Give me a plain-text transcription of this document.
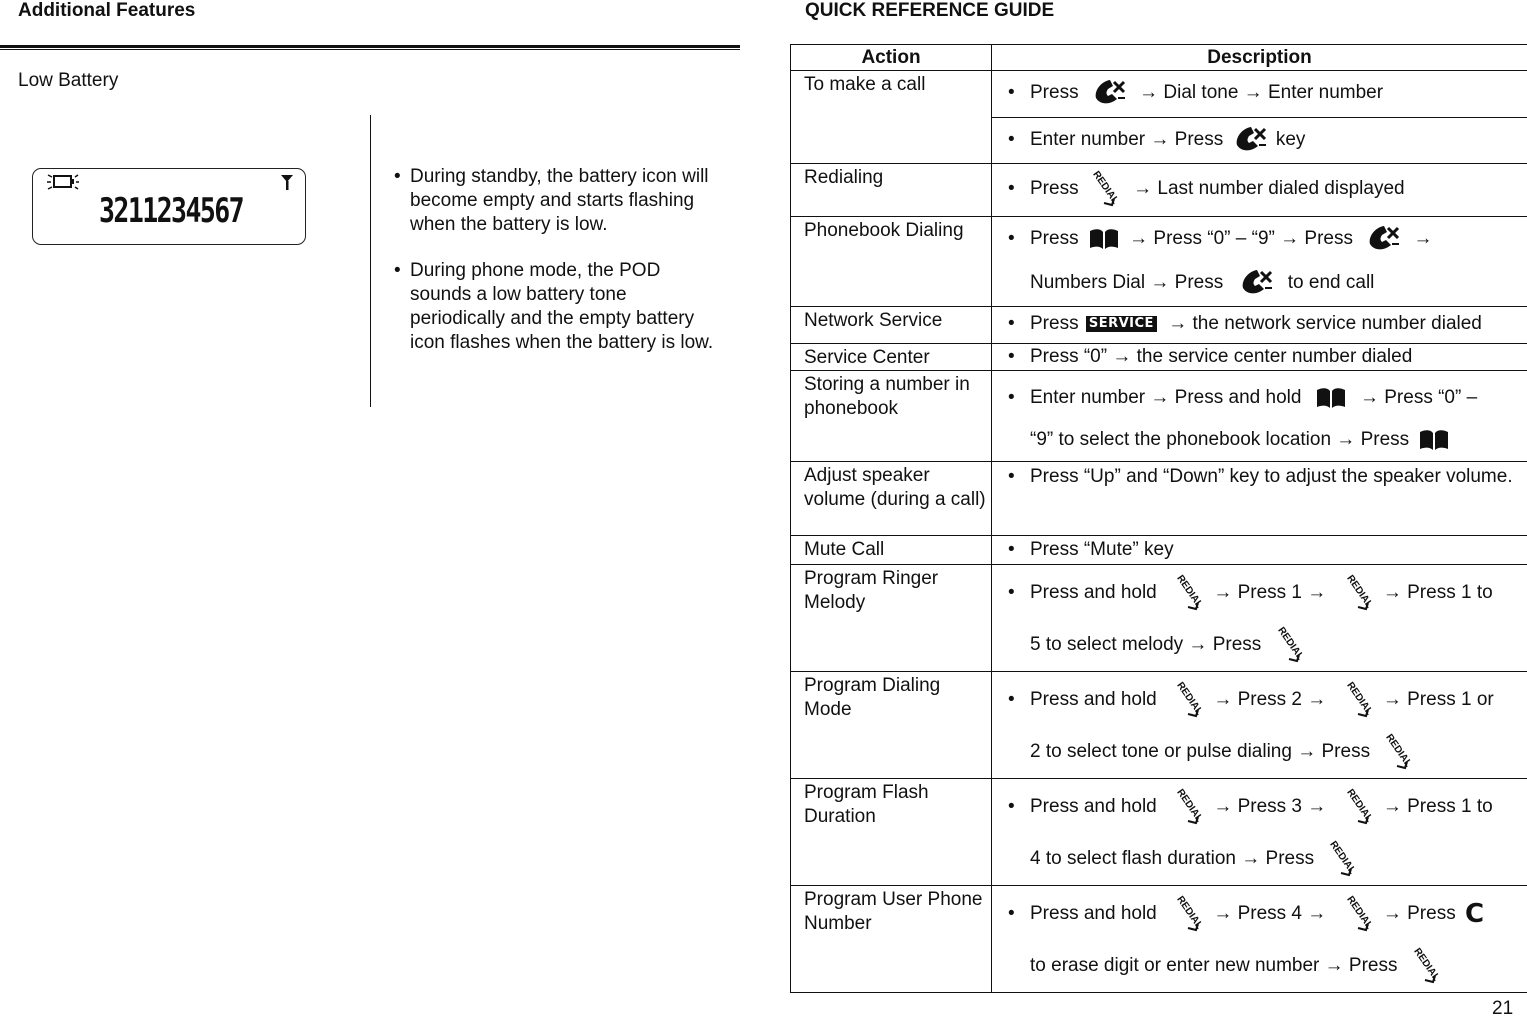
Additional Features
Low Battery
3211234567
• During standby, the battery icon will become empty and starts flashing when the battery is low.
• During phone mode, the POD sounds a low battery tone periodically and the empty battery icon flashes when the battery is low.
QUICK REFERENCE GUIDE
Action	Description
To make a call	• Press → Dial tone → Enter number

	• Enter number → Press key

Redialing	• Press → Last number dialed displayed

Phonebook Dialing	• Press → Press “0” – “9” → Press →
Numbers Dial → Press to end call

Network Service	• Press SERVICE → the network service number dialed

Service Center	• Press “0” → the service center number dialed

Storing a number in phonebook	• Enter number → Press and hold → Press “0” –
“9” to select the phonebook location → Press

Adjust speaker volume (during a call)	• Press “Up” and “Down” key to adjust the speaker volume.

Mute Call	• Press “Mute” key

Program Ringer Melody	• Press and hold → Press 1 → → Press 1 to
5 to select melody → Press

Program Dialing Mode	• Press and hold → Press 2 → → Press 1 or
2 to select tone or pulse dialing → Press

Program Flash Duration	• Press and hold → Press 3 → → Press 1 to
4 to select flash duration → Press

Program User Phone Number	• Press and hold → Press 4 → → Press C
to erase digit or enter new number → Press
21
